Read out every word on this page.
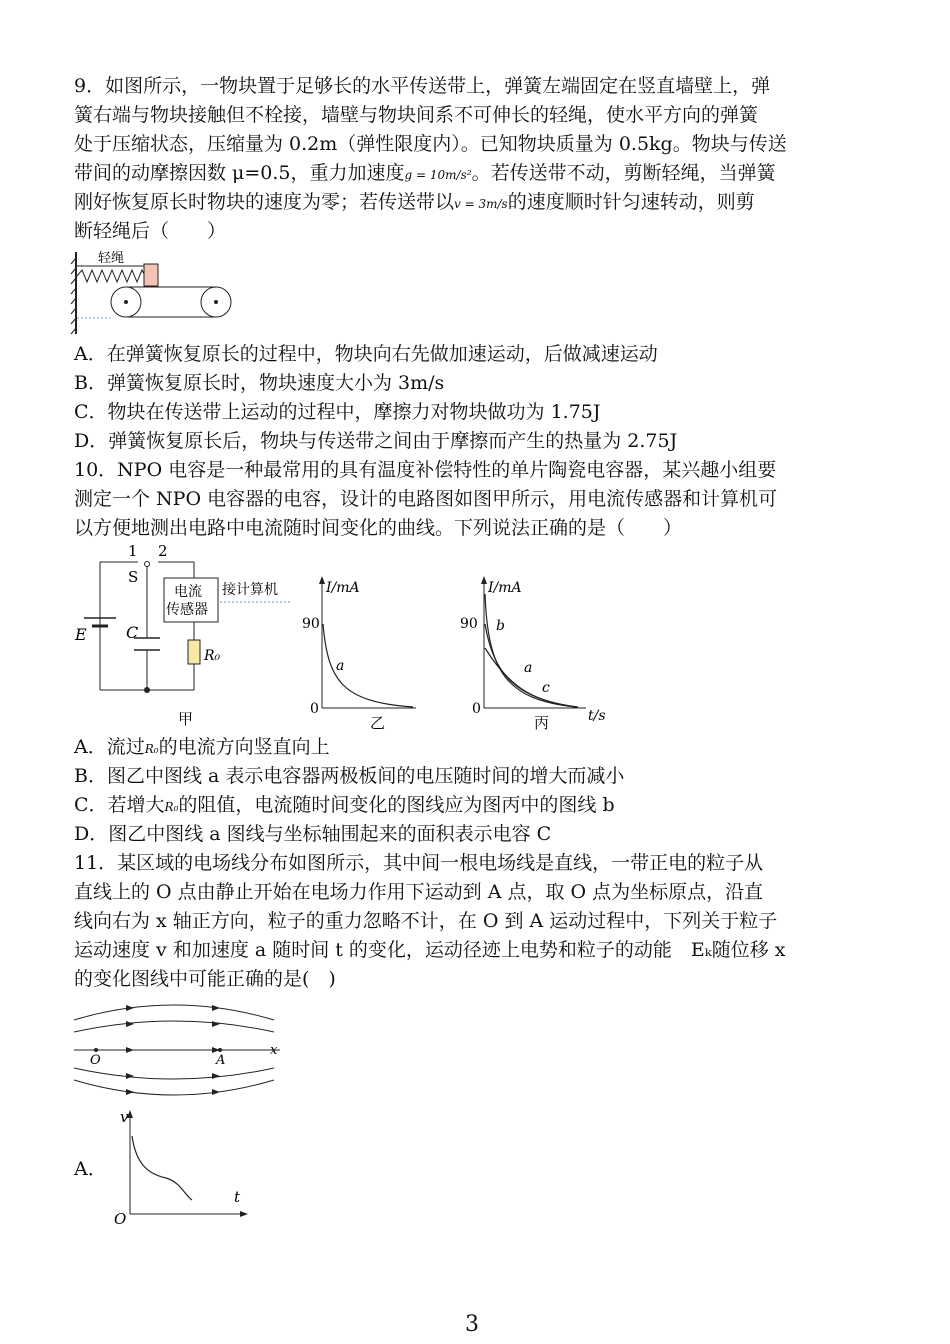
9．如图所示，一物块置于足够长的水平传送带上，弹簧左端固定在竖直墙壁上，弹
簧右端与物块接触但不栓接，墙壁与物块间系不可伸长的轻绳，使水平方向的弹簧
处于压缩状态，压缩量为 0.2m（弹性限度内）。已知物块质量为 0.5kg。物块与传送
带间的动摩擦因数 μ=0.5，重力加速度g = 10m/s²。若传送带不动，剪断轻绳，当弹簧
刚好恢复原长时物块的速度为零；若传送带以v = 3m/s的速度顺时针匀速转动，则剪
断轻绳后（　　）
轻绳
A．在弹簧恢复原长的过程中，物块向右先做加速运动，后做减速运动
B．弹簧恢复原长时，物块速度大小为 3m/s
C．物块在传送带上运动的过程中，摩擦力对物块做功为 1.75J
D．弹簧恢复原长后，物块与传送带之间由于摩擦而产生的热量为 2.75J
10．NPO 电容是一种最常用的具有温度补偿特性的单片陶瓷电容器，某兴趣小组要
测定一个 NPO 电容器的电容，设计的电路图如图甲所示，用电流传感器和计算机可
以方便地测出电路中电流随时间变化的曲线。下列说法正确的是（　　）
1 2
S
E C
电流
传感器
接计算机
R₀
甲
I/mA
90
0
a
乙
I/mA
90
0	t/s
b
a
c
丙
A．流过R₀的电流方向竖直向上
B．图乙中图线 a 表示电容器两极板间的电压随时间的增大而减小
C．若增大R₀的阻值，电流随时间变化的图线应为图丙中的图线 b
D．图乙中图线 a 图线与坐标轴围起来的面积表示电容 C
11．某区域的电场线分布如图所示，其中间一根电场线是直线，一带正电的粒子从
直线上的 O 点由静止开始在电场力作用下运动到 A 点，取 O 点为坐标原点，沿直
线向右为 x 轴正方向，粒子的重力忽略不计，在 O 到 A 运动过程中，下列关于粒子
运动速度 v 和加速度 a 随时间 t 的变化，运动径迹上电势和粒子的动能　Eₖ随位移 x
的变化图线中可能正确的是(　)
O	A
x
A．
v
t
O
3
